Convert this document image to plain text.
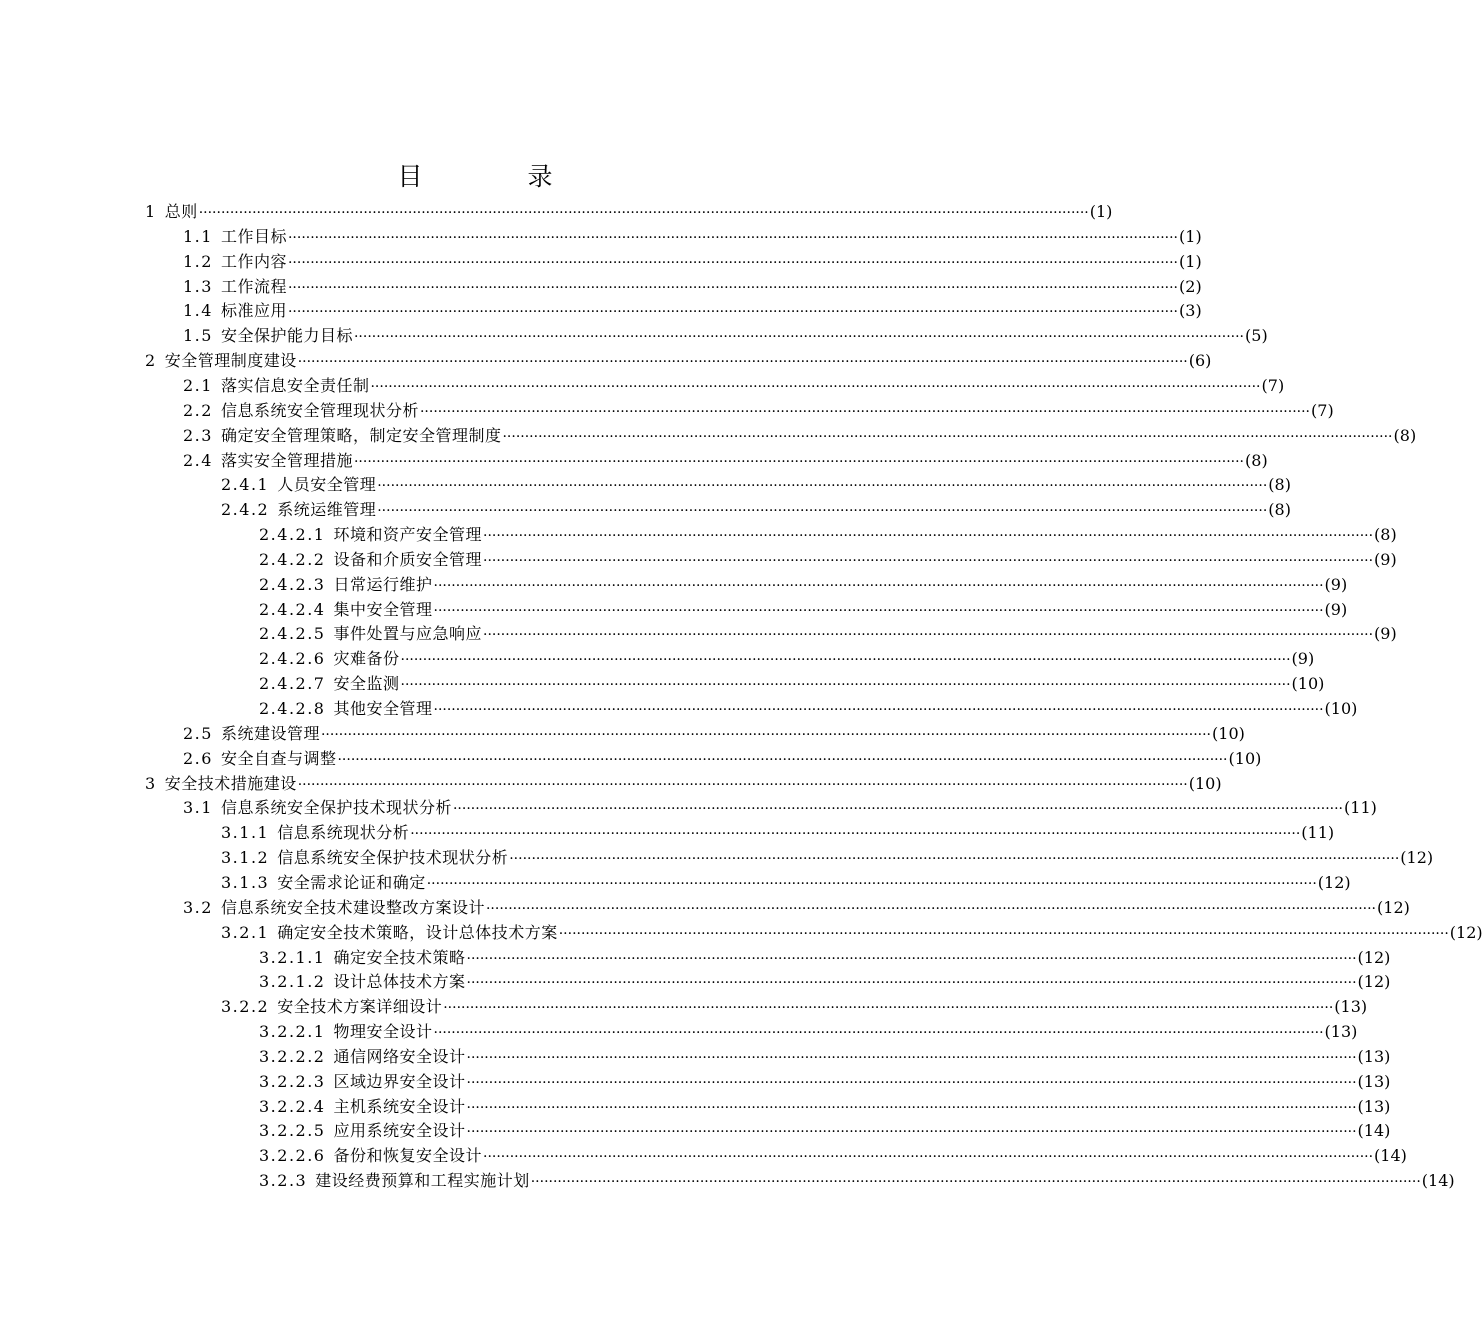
目　录
1 总则 ········································································································································································································ (1)
1.1 工作目标 ········································································································································································································ (1)
1.2 工作内容 ········································································································································································································ (1)
1.3 工作流程 ········································································································································································································ (2)
1.4 标准应用 ········································································································································································································ (3)
1.5 安全保护能力目标 ········································································································································································································ (5)
2 安全管理制度建设 ········································································································································································································ (6)
2.1 落实信息安全责任制 ········································································································································································································ (7)
2.2 信息系统安全管理现状分析 ········································································································································································································ (7)
2.3 确定安全管理策略，制定安全管理制度 ········································································································································································································ (8)
2.4 落实安全管理措施 ········································································································································································································ (8)
2.4.1 人员安全管理 ········································································································································································································ (8)
2.4.2 系统运维管理 ········································································································································································································ (8)
2.4.2.1 环境和资产安全管理 ········································································································································································································ (8)
2.4.2.2 设备和介质安全管理 ········································································································································································································ (9)
2.4.2.3 日常运行维护 ········································································································································································································ (9)
2.4.2.4 集中安全管理 ········································································································································································································ (9)
2.4.2.5 事件处置与应急响应 ········································································································································································································ (9)
2.4.2.6 灾难备份 ········································································································································································································ (9)
2.4.2.7 安全监测 ········································································································································································································ (10)
2.4.2.8 其他安全管理 ········································································································································································································ (10)
2.5 系统建设管理 ········································································································································································································ (10)
2.6 安全自查与调整 ········································································································································································································ (10)
3 安全技术措施建设 ········································································································································································································ (10)
3.1 信息系统安全保护技术现状分析 ········································································································································································································ (11)
3.1.1 信息系统现状分析 ········································································································································································································ (11)
3.1.2 信息系统安全保护技术现状分析 ········································································································································································································ (12)
3.1.3 安全需求论证和确定 ········································································································································································································ (12)
3.2 信息系统安全技术建设整改方案设计 ········································································································································································································ (12)
3.2.1 确定安全技术策略，设计总体技术方案 ········································································································································································································ (12)
3.2.1.1 确定安全技术策略 ········································································································································································································ (12)
3.2.1.2 设计总体技术方案 ········································································································································································································ (12)
3.2.2 安全技术方案详细设计 ········································································································································································································ (13)
3.2.2.1 物理安全设计 ········································································································································································································ (13)
3.2.2.2 通信网络安全设计 ········································································································································································································ (13)
3.2.2.3 区域边界安全设计 ········································································································································································································ (13)
3.2.2.4 主机系统安全设计 ········································································································································································································ (13)
3.2.2.5 应用系统安全设计 ········································································································································································································ (14)
3.2.2.6 备份和恢复安全设计 ········································································································································································································ (14)
3.2.3 建设经费预算和工程实施计划 ········································································································································································································ (14)
